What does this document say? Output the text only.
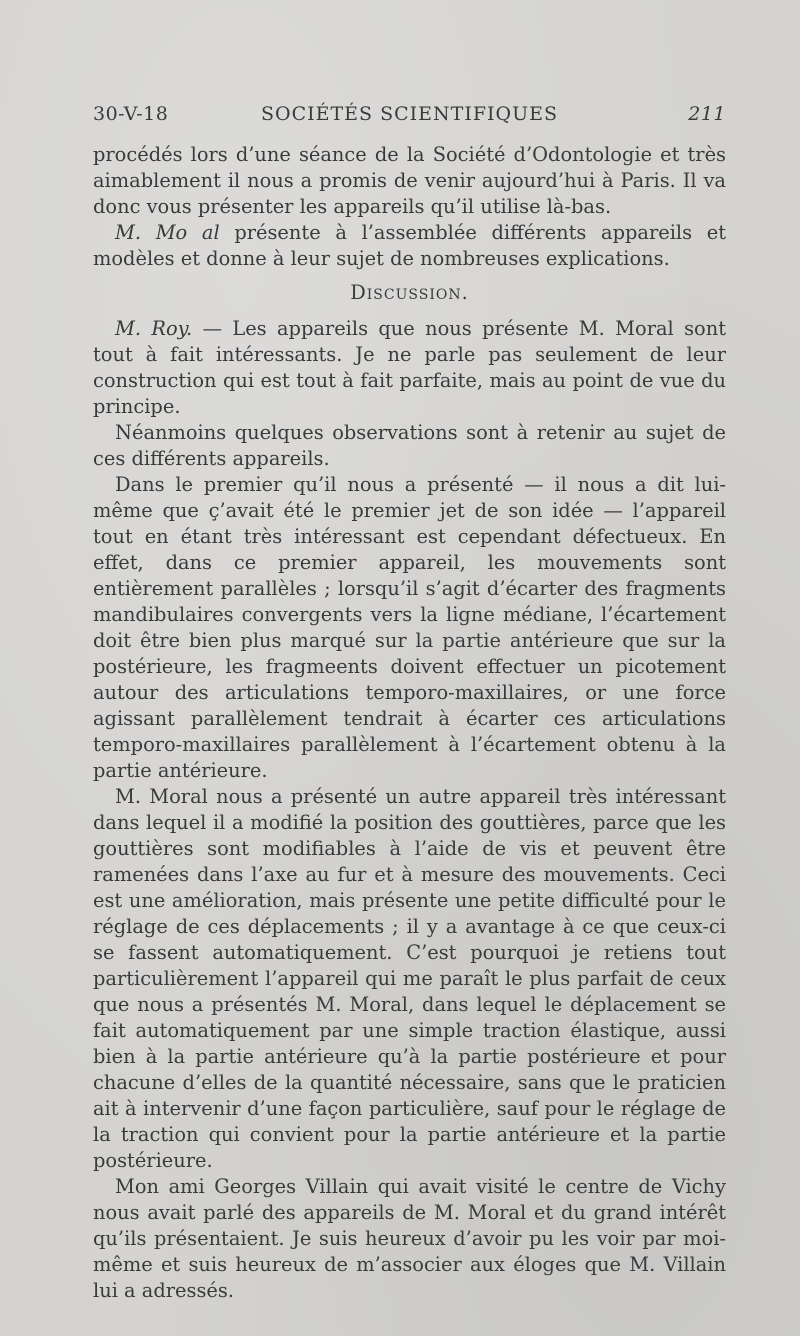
30-V-18	SOCIÉTÉS SCIENTIFIQUES	211

procédés lors d’une séance de la Société d’Odontologie et très aimablement il nous a promis de venir aujourd’hui à Paris. Il va donc vous présenter les appareils qu’il utilise là-bas.

M. Mo al présente à l’assemblée différents appareils et modèles et donne à leur sujet de nombreuses explications.

Discussion.

M. Roy. — Les appareils que nous présente M. Moral sont tout à fait intéressants. Je ne parle pas seulement de leur construction qui est tout à fait parfaite, mais au point de vue du principe.

Néanmoins quelques observations sont à retenir au sujet de ces différents appareils.

Dans le premier qu’il nous a présenté — il nous a dit lui-même que ç’avait été le premier jet de son idée — l’appareil tout en étant très intéressant est cependant défectueux. En effet, dans ce premier appareil, les mouvements sont entièrement parallèles ; lorsqu’il s’agit d’écarter des fragments mandibulaires convergents vers la ligne médiane, l’écartement doit être bien plus marqué sur la partie antérieure que sur la postérieure, les fragmeents doivent effectuer un picotement autour des articulations temporo-maxillaires, or une force agissant parallèlement tendrait à écarter ces articulations temporo-maxillaires parallèlement à l’écartement obtenu à la partie antérieure.

M. Moral nous a présenté un autre appareil très intéressant dans lequel il a modifié la position des gouttières, parce que les gouttières sont modifiables à l’aide de vis et peuvent être ramenées dans l’axe au fur et à mesure des mouvements. Ceci est une amélioration, mais présente une petite difficulté pour le réglage de ces déplacements ; il y a avantage à ce que ceux-ci se fassent automatiquement. C’est pourquoi je retiens tout particulièrement l’appareil qui me paraît le plus parfait de ceux que nous a présentés M. Moral, dans lequel le déplacement se fait automatiquement par une simple traction élastique, aussi bien à la partie antérieure qu’à la partie postérieure et pour chacune d’elles de la quantité nécessaire, sans que le praticien ait à intervenir d’une façon particulière, sauf pour le réglage de la traction qui convient pour la partie antérieure et la partie postérieure.

Mon ami Georges Villain qui avait visité le centre de Vichy nous avait parlé des appareils de M. Moral et du grand intérêt qu’ils présentaient. Je suis heureux d’avoir pu les voir par moi-même et suis heureux de m’associer aux éloges que M. Villain lui a adressés.
